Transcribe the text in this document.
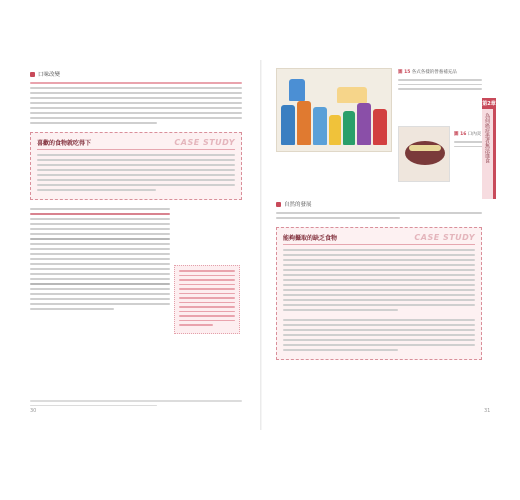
口味改變
喜歡的食物就吃得下	CASE STUDY
30
圖 15 各式各樣的營養補充品
圖 16 口內炎
自然的發展
能夠攝取的缺乏食物	CASE STUDY
第2章
為何癌症患者無法進食
31
